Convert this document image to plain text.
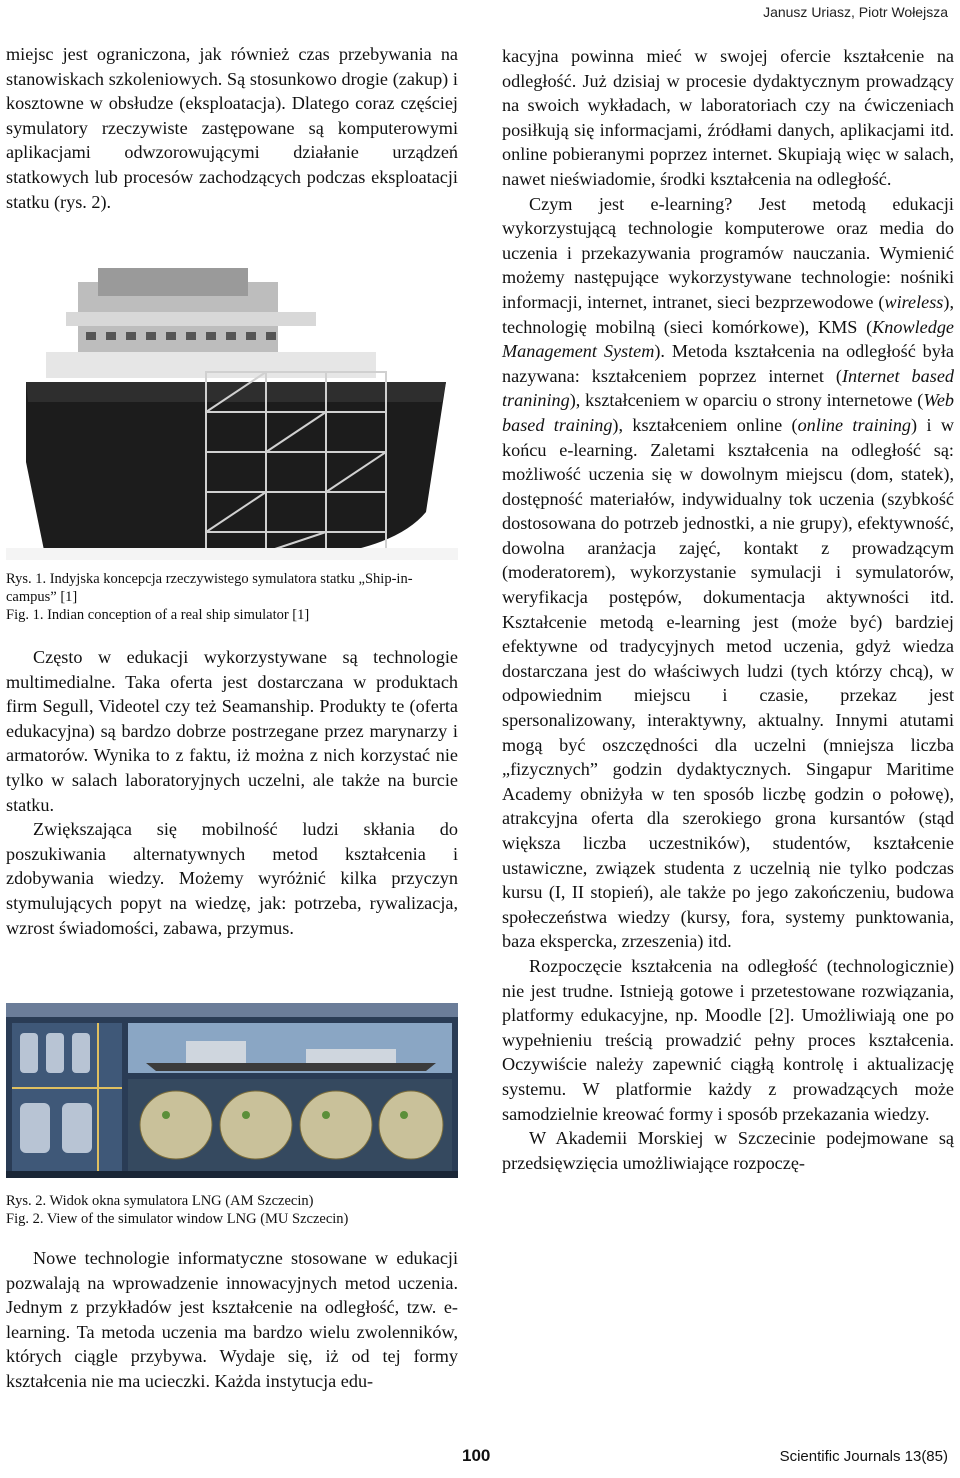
Janusz Uriasz, Piotr Wołejsza

miejsc jest ograniczona, jak również czas przebywania na stanowiskach szkoleniowych. Są stosunkowo drogie (zakup) i kosztowne w obsłudze (eksploatacja). Dlatego coraz częściej symulatory rzeczywiste zastępowane są komputerowymi aplikacjami odwzorowującymi działanie urządzeń statkowych lub procesów zachodzących podczas eksploatacji statku (rys. 2).

Rys. 1. Indyjska koncepcja rzeczywistego symulatora statku „Ship-in-campus” [1]

Fig. 1. Indian conception of a real ship simulator [1]

Często w edukacji wykorzystywane są technologie multimedialne. Taka oferta jest dostarczana w produktach firm Segull, Videotel czy też Seamanship. Produkty te (oferta edukacyjna) są bardzo dobrze postrzegane przez marynarzy i armatorów. Wynika to z faktu, iż można z nich korzystać nie tylko w salach laboratoryjnych uczelni, ale także na burcie statku.

Zwiększająca się mobilność ludzi skłania do poszukiwania alternatywnych metod kształcenia i zdobywania wiedzy. Możemy wyróżnić kilka przyczyn stymulujących popyt na wiedzę, jak: potrzeba, rywalizacja, wzrost świadomości, zabawa, przymus.

Rys. 2. Widok okna symulatora LNG (AM Szczecin)

Fig. 2. View of the simulator window LNG (MU Szczecin)

Nowe technologie informatyczne stosowane w edukacji pozwalają na wprowadzenie innowacyjnych metod uczenia. Jednym z przykładów jest kształcenie na odległość, tzw. e-learning. Ta metoda uczenia ma bardzo wielu zwolenników, których ciągle przybywa. Wydaje się, iż od tej formy kształcenia nie ma ucieczki. Każda instytucja edu-

kacyjna powinna mieć w swojej ofercie kształcenie na odległość. Już dzisiaj w procesie dydaktycznym prowadzący na swoich wykładach, w laboratoriach czy na ćwiczeniach posiłkują się informacjami, źródłami danych, aplikacjami itd. online pobieranymi poprzez internet. Skupiają więc w salach, nawet nieświadomie, środki kształcenia na odległość.

Czym jest e-learning? Jest metodą edukacji wykorzystującą technologie komputerowe oraz media do uczenia i przekazywania programów nauczania. Wymienić możemy następujące wykorzystywane technologie: nośniki informacji, internet, intranet, sieci bezprzewodowe (wireless), technologię mobilną (sieci komórkowe), KMS (Knowledge Management System). Metoda kształcenia na odległość była nazywana: kształceniem poprzez internet (Internet based tranining), kształceniem w oparciu o strony internetowe (Web based training), kształceniem online (online training) i w końcu e-learning. Zaletami kształcenia na odległość są: możliwość uczenia się w dowolnym miejscu (dom, statek), dostępność materiałów, indywidualny tok uczenia (szybkość dostosowana do potrzeb jednostki, a nie grupy), efektywność, dowolna aranżacja zajęć, kontakt z prowadzącym (moderatorem), wykorzystanie symulacji i symulatorów, weryfikacja postępów, dokumentacja aktywności itd. Kształcenie metodą e-learning jest (może być) bardziej efektywne od tradycyjnych metod uczenia, gdyż wiedza dostarczana jest do właściwych ludzi (tych którzy chcą), w odpowiednim miejscu i czasie, przekaz jest spersonalizowany, interaktywny, aktualny. Innymi atutami mogą być oszczędności dla uczelni (mniejsza liczba „fizycznych” godzin dydaktycznych. Singapur Maritime Academy obniżyła w ten sposób liczbę godzin o połowę), atrakcyjna oferta dla szerokiego grona kursantów (stąd większa liczba uczestników), studentów, kształcenie ustawiczne, związek studenta z uczelnią nie tylko podczas kursu (I, II stopień), ale także po jego zakończeniu, budowa społeczeństwa wiedzy (kursy, fora, systemy punktowania, baza ekspercka, zrzeszenia) itd.

Rozpoczęcie kształcenia na odległość (technologicznie) nie jest trudne. Istnieją gotowe i przetestowane rozwiązania, platformy edukacyjne, np. Moodle [2]. Umożliwiają one po wypełnieniu treścią prowadzić pełny proces kształcenia. Oczywiście należy zapewnić ciągłą kontrolę i aktualizację systemu. W platformie każdy z prowadzących może samodzielnie kreować formy i sposób przekazania wiedzy.

W Akademii Morskiej w Szczecinie podejmowane są przedsięwzięcia umożliwiające rozpoczę-

100	Scientific Journals 13(85)
